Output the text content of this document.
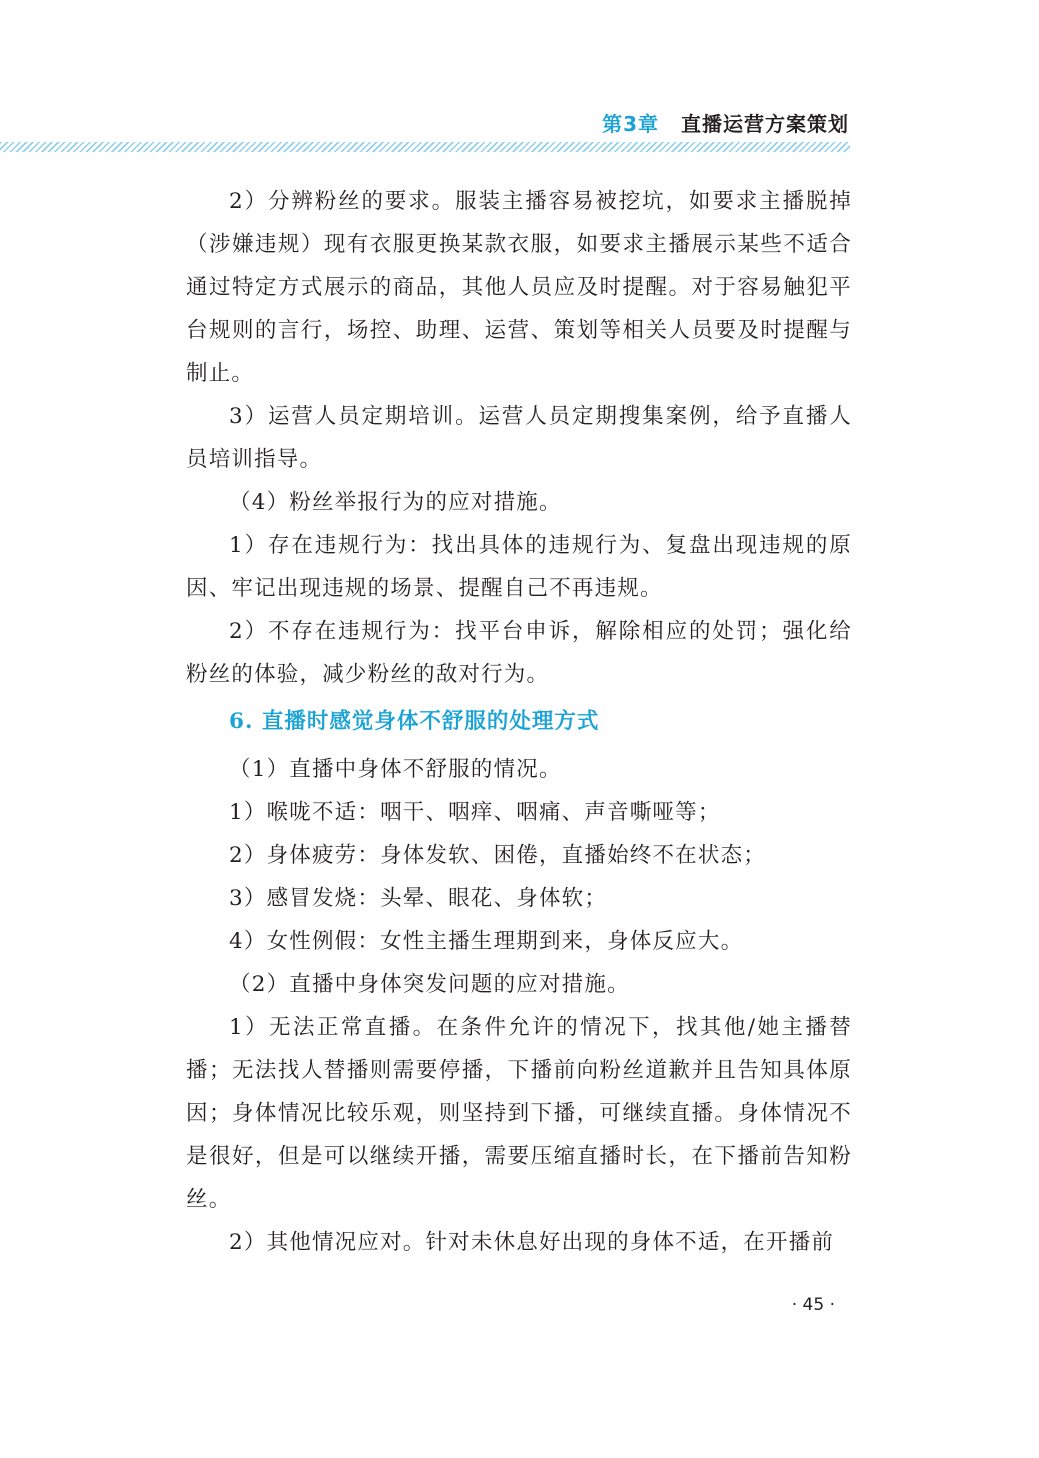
第3章 直播运营方案策划

2）分辨粉丝的要求。服装主播容易被挖坑，如要求主播脱掉（涉嫌违规）现有衣服更换某款衣服，如要求主播展示某些不适合通过特定方式展示的商品，其他人员应及时提醒。对于容易触犯平台规则的言行，场控、助理、运营、策划等相关人员要及时提醒与制止。

3）运营人员定期培训。运营人员定期搜集案例，给予直播人员培训指导。

（4）粉丝举报行为的应对措施。

1）存在违规行为：找出具体的违规行为、复盘出现违规的原因、牢记出现违规的场景、提醒自己不再违规。

2）不存在违规行为：找平台申诉，解除相应的处罚；强化给粉丝的体验，减少粉丝的敌对行为。

6. 直播时感觉身体不舒服的处理方式

（1）直播中身体不舒服的情况。

1）喉咙不适：咽干、咽痒、咽痛、声音嘶哑等；

2）身体疲劳：身体发软、困倦，直播始终不在状态；

3）感冒发烧：头晕、眼花、身体软；

4）女性例假：女性主播生理期到来，身体反应大。

（2）直播中身体突发问题的应对措施。

1）无法正常直播。在条件允许的情况下，找其他/她主播替播；无法找人替播则需要停播，下播前向粉丝道歉并且告知具体原因；身体情况比较乐观，则坚持到下播，可继续直播。身体情况不是很好，但是可以继续开播，需要压缩直播时长，在下播前告知粉丝。

2）其他情况应对。针对未休息好出现的身体不适，在开播前

· 45 ·
